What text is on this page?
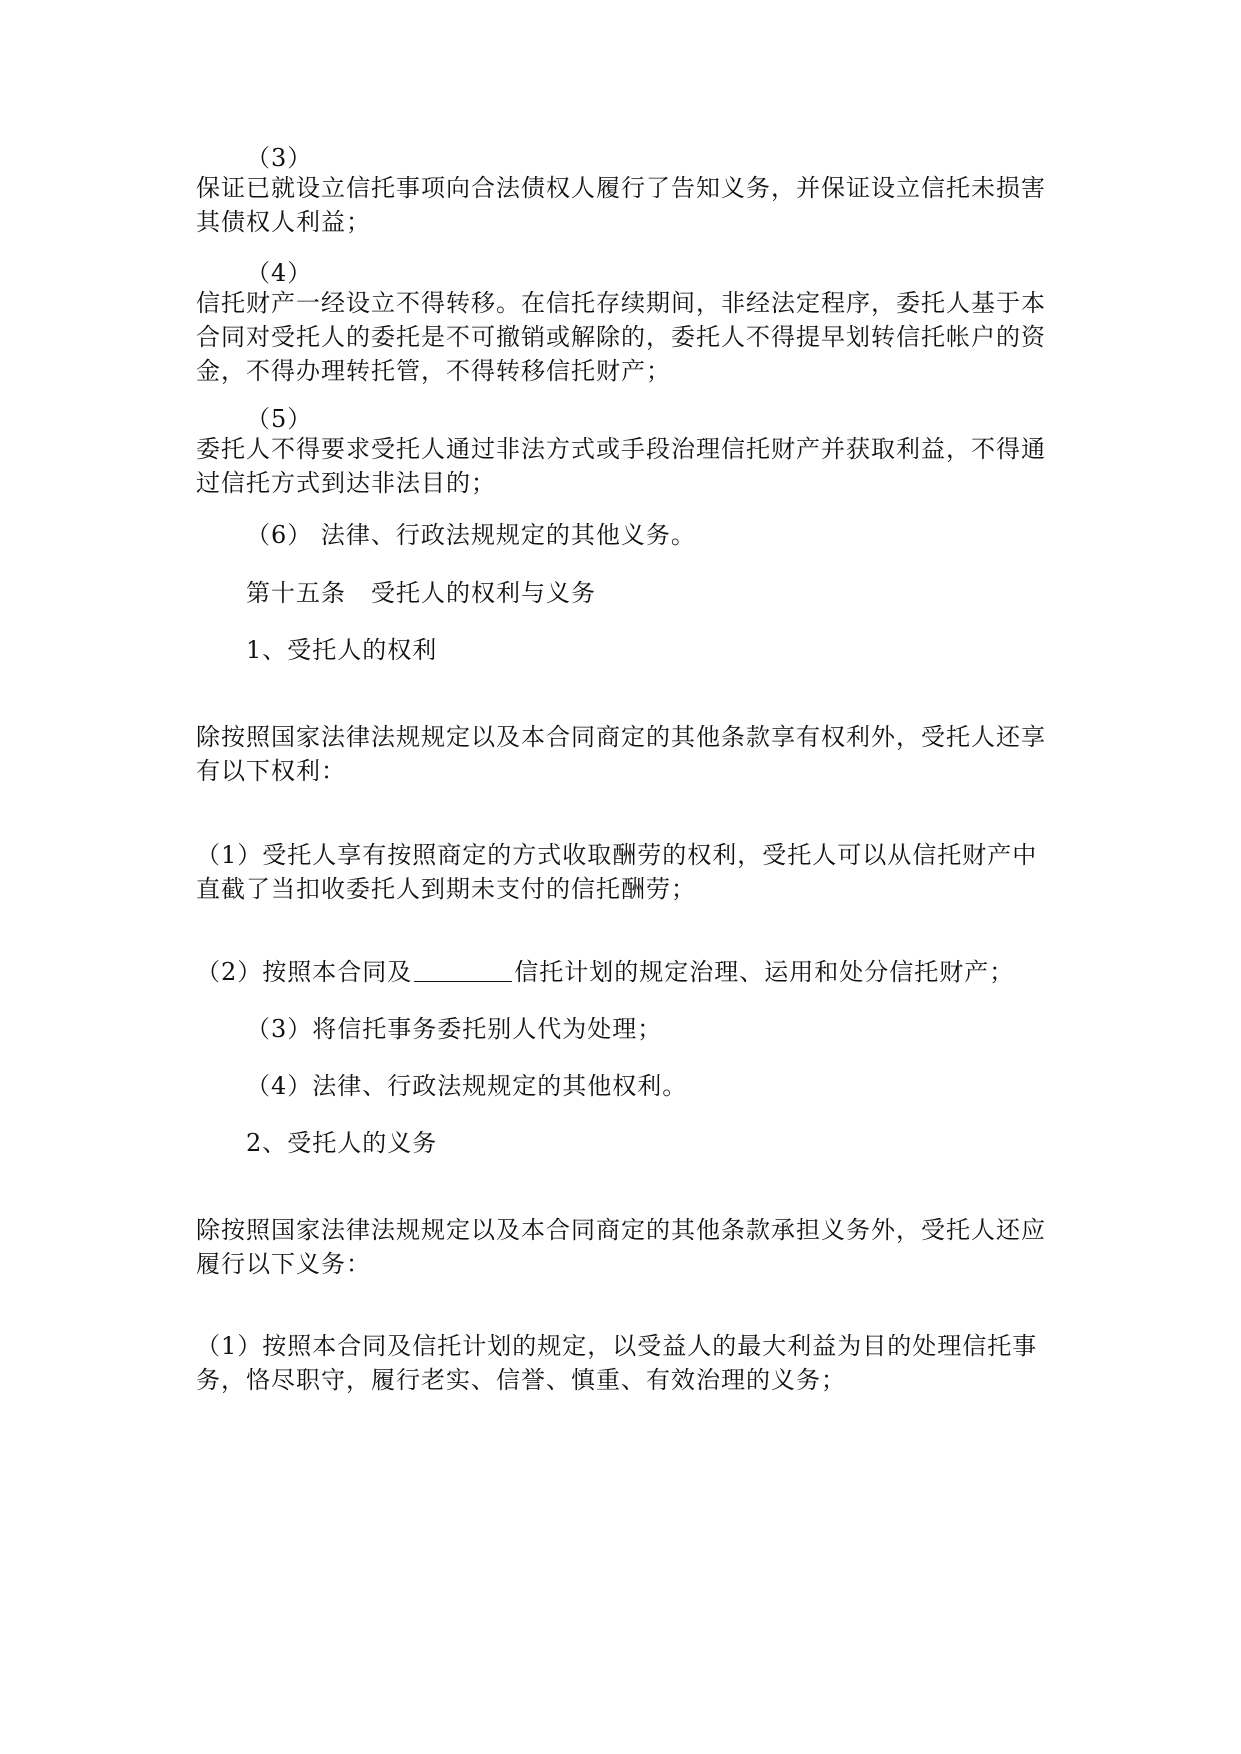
（3）
保证已就设立信托事项向合法债权人履行了告知义务，并保证设立信托未损害其债权人利益；
（4）
信托财产一经设立不得转移。在信托存续期间，非经法定程序，委托人基于本合同对受托人的委托是不可撤销或解除的，委托人不得提早划转信托帐户的资金，不得办理转托管，不得转移信托财产；
（5）
委托人不得要求受托人通过非法方式或手段治理信托财产并获取利益，不得通过信托方式到达非法目的；
（6） 法律、行政法规规定的其他义务。
第十五条　受托人的权利与义务
1、受托人的权利
除按照国家法律法规规定以及本合同商定的其他条款享有权利外，受托人还享有以下权利：
（1）受托人享有按照商定的方式收取酬劳的权利，受托人可以从信托财产中直截了当扣收委托人到期未支付的信托酬劳；
（2）按照本合同及	信托计划的规定治理、运用和处分信托财产；
（3）将信托事务委托别人代为处理；
（4）法律、行政法规规定的其他权利。
2、受托人的义务
除按照国家法律法规规定以及本合同商定的其他条款承担义务外，受托人还应履行以下义务：
（1）按照本合同及信托计划的规定，以受益人的最大利益为目的处理信托事务，恪尽职守，履行老实、信誉、慎重、有效治理的义务；
